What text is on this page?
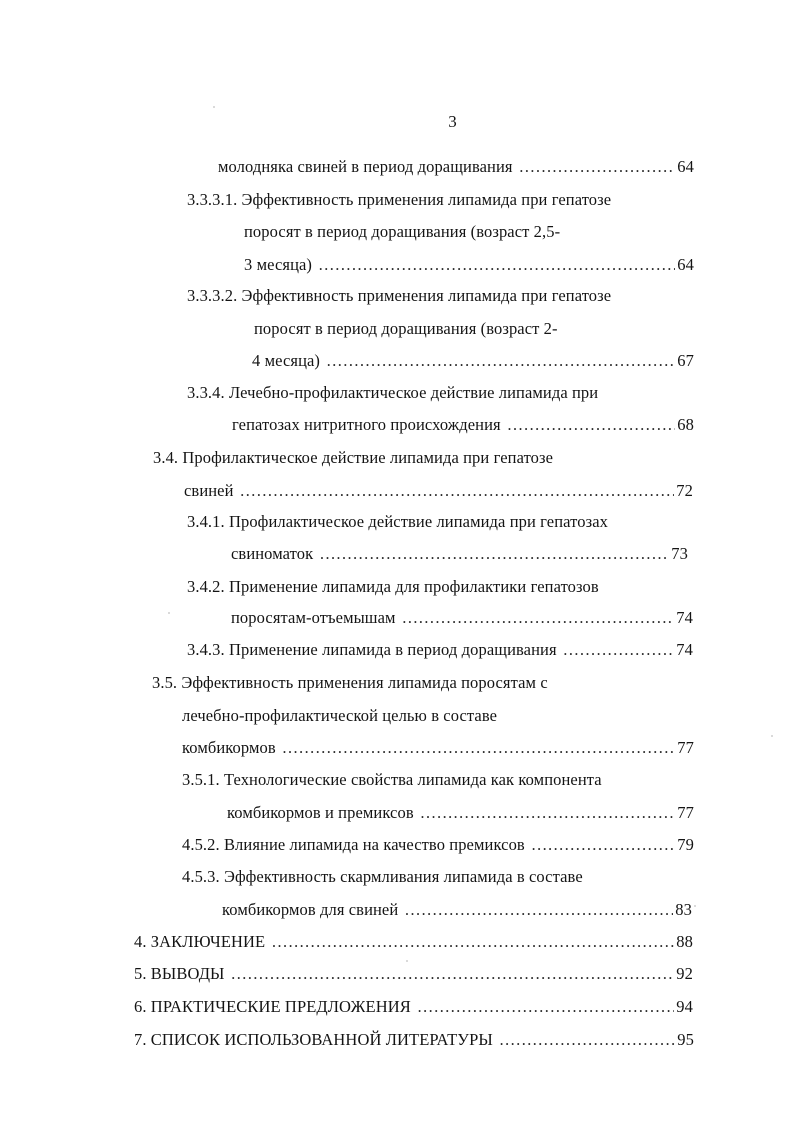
3
молодняка свиней в период доращивания …………………………………………………………………………………………………………………………………………………………………………………	64
3.3.3.1. Эффективность применения липамида при гепатозе
поросят в период доращивания (возраст 2,5-
3 месяца) …………………………………………………………………………………………………………………………………………………………………………………	64
3.3.3.2. Эффективность применения липамида при гепатозе
поросят в период доращивания (возраст 2-
4 месяца) …………………………………………………………………………………………………………………………………………………………………………………	67
3.3.4. Лечебно-профилактическое действие липамида при
гепатозах нитритного происхождения …………………………………………………………………………………………………………………………………………………………………………………	68
3.4. Профилактическое действие липамида при гепатозе
свиней …………………………………………………………………………………………………………………………………………………………………………………	72
3.4.1. Профилактическое действие липамида при гепатозах
свиноматок …………………………………………………………………………………………………………………………………………………………………………………	73
3.4.2. Применение липамида для профилактики гепатозов
поросятам-отъемышам …………………………………………………………………………………………………………………………………………………………………………………	74
3.4.3. Применение липамида в период доращивания …………………………………………………………………………………………………………………………………………………………………………………	74
3.5. Эффективность применения липамида поросятам с
лечебно-профилактической целью в составе
комбикормов …………………………………………………………………………………………………………………………………………………………………………………	77
3.5.1. Технологические свойства липамида как компонента
комбикормов и премиксов …………………………………………………………………………………………………………………………………………………………………………………	77
4.5.2. Влияние липамида на качество премиксов …………………………………………………………………………………………………………………………………………………………………………………	79
4.5.3. Эффективность скармливания липамида в составе
комбикормов для свиней …………………………………………………………………………………………………………………………………………………………………………………	83
4. ЗАКЛЮЧЕНИЕ …………………………………………………………………………………………………………………………………………………………………………………	88
5. ВЫВОДЫ …………………………………………………………………………………………………………………………………………………………………………………	92
6. ПРАКТИЧЕСКИЕ ПРЕДЛОЖЕНИЯ …………………………………………………………………………………………………………………………………………………………………………………	94
7. СПИСОК ИСПОЛЬЗОВАННОЙ ЛИТЕРАТУРЫ …………………………………………………………………………………………………………………………………………………………………………………	95
